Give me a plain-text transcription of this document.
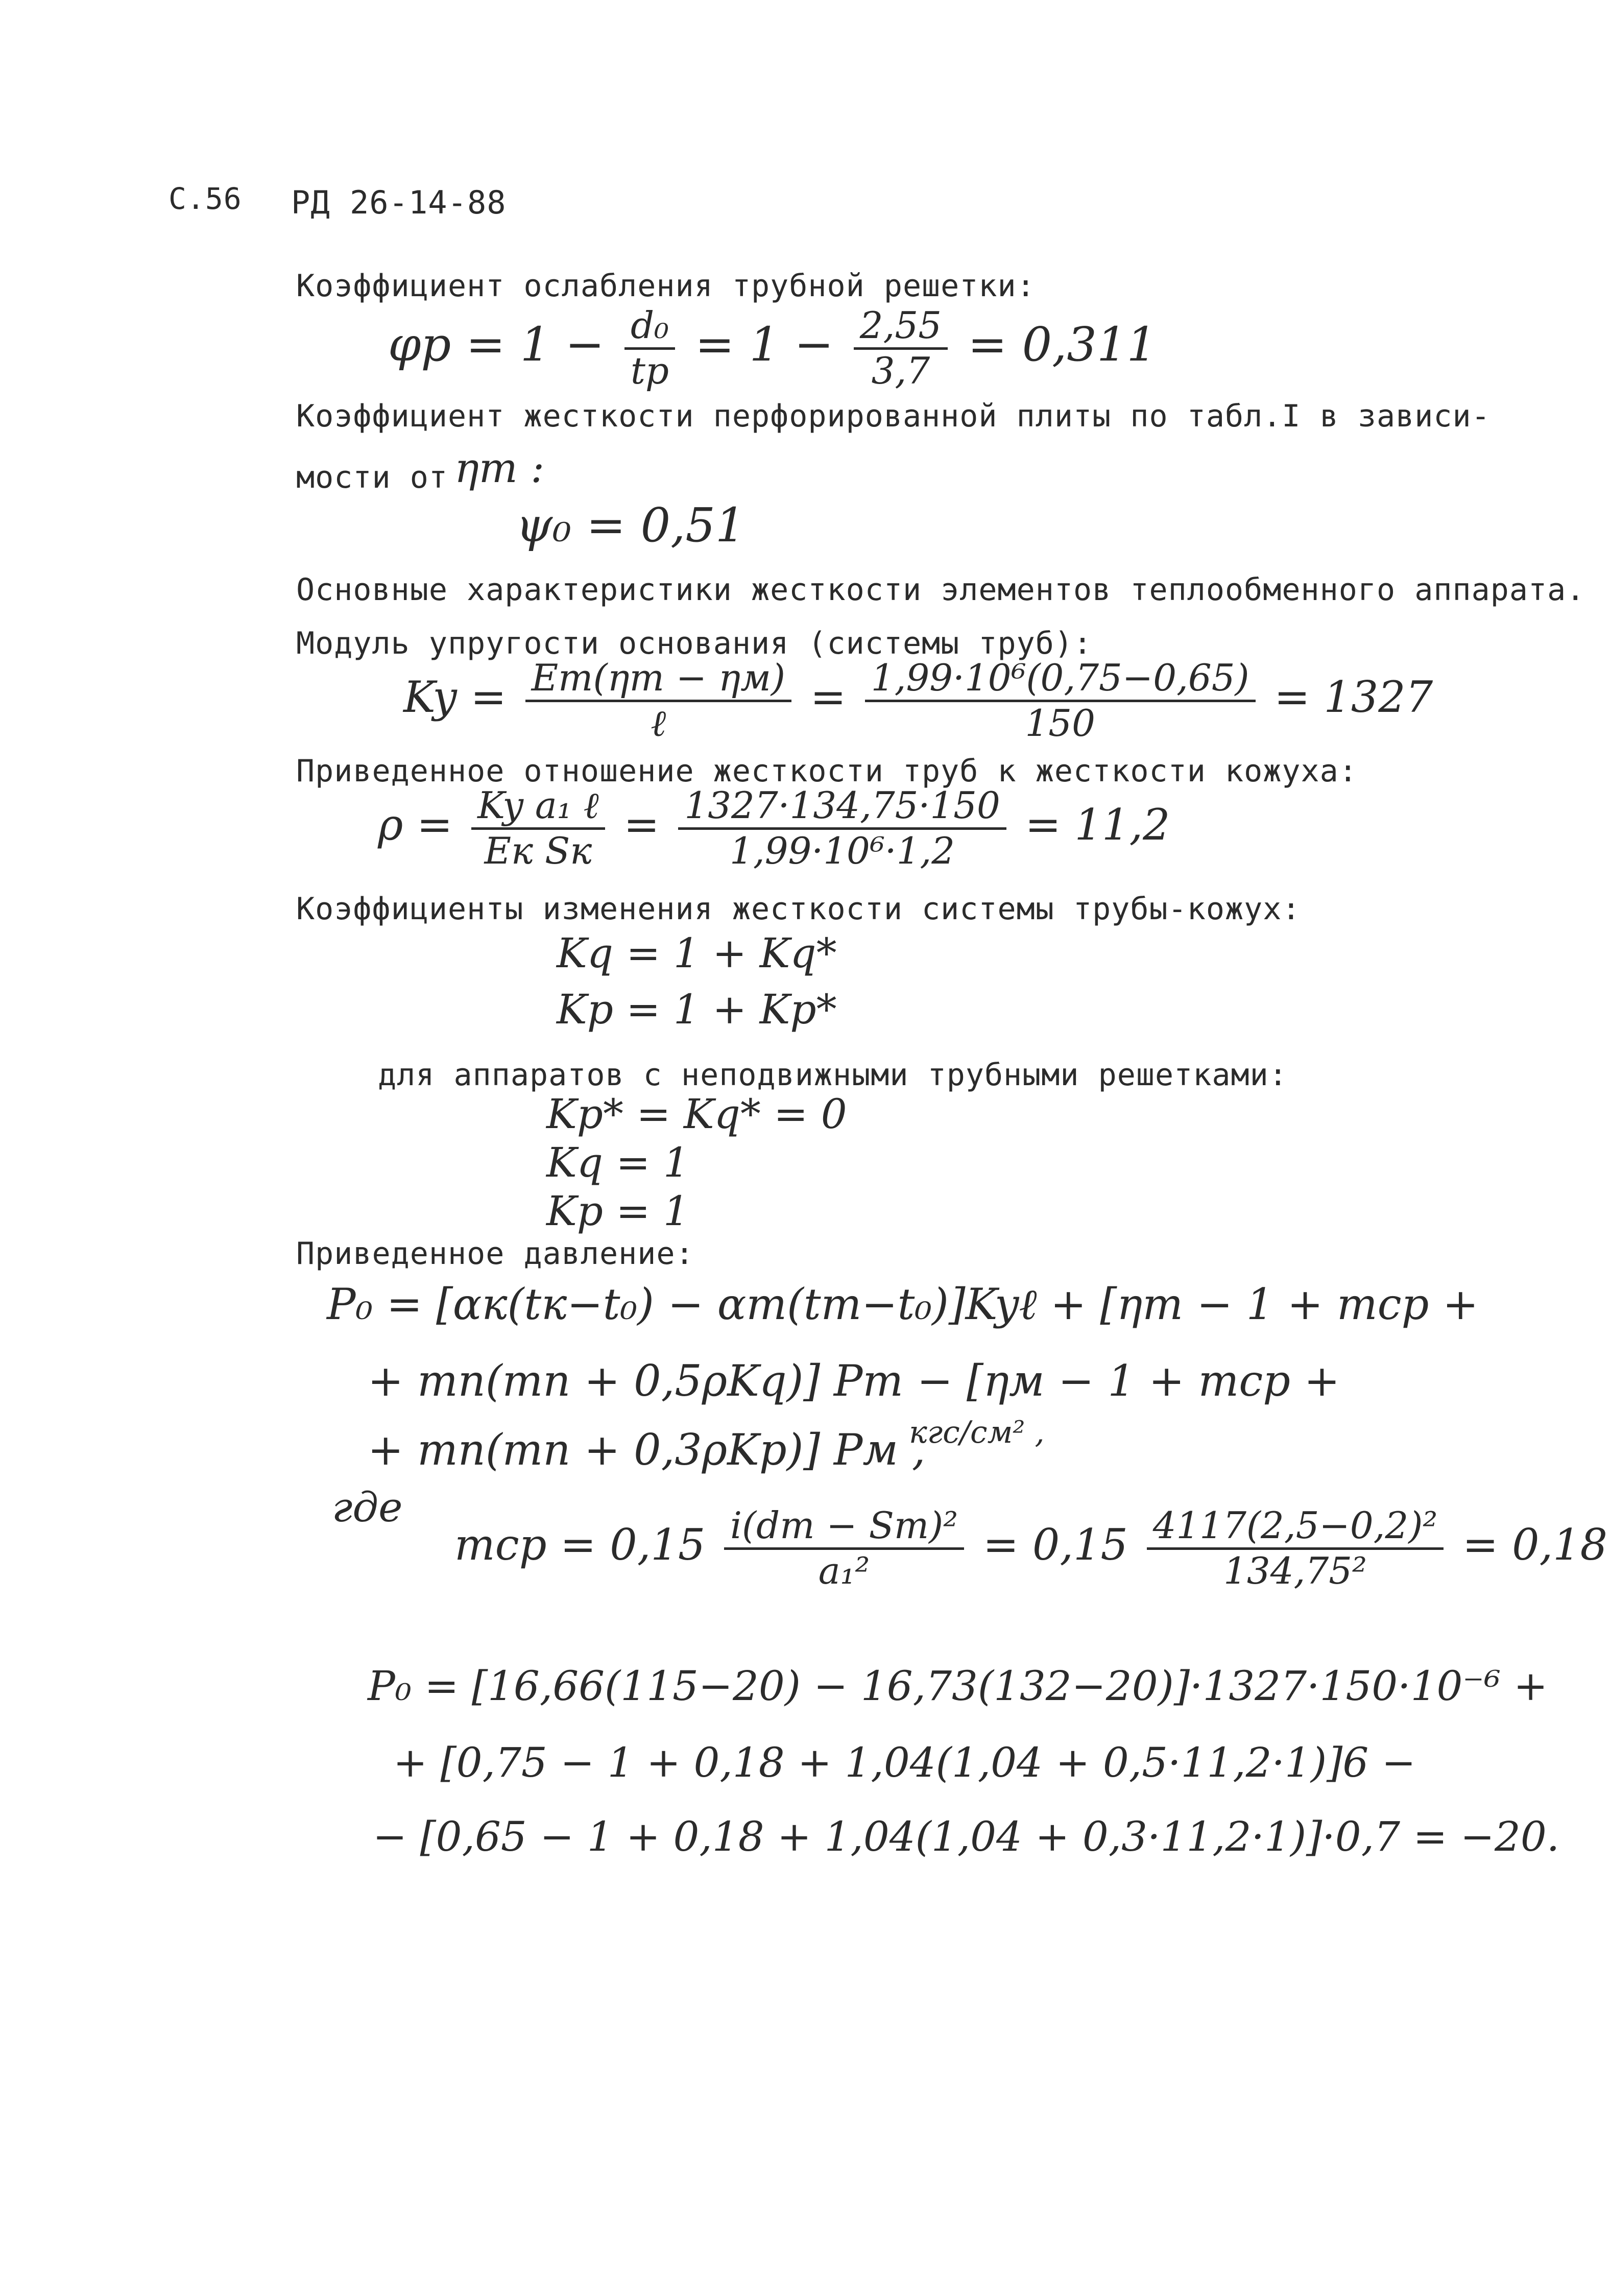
С.56 РД 26-14-88
Коэффициент ослабления трубной решетки:
$\varphi p = 1 - \frac{\text{d₀}}{tp} = 1 - \frac{2,55}{3,7} = 0,311$
Коэффициент жесткости перфорированной плиты по табл.I в зависи-
мости от ηт :
ψ₀ = 0,51
Основные характеристики жесткости элементов теплообменного аппарата.
Модуль упругости основания (системы труб):
$Ky = \frac{Eт(\eta т - \eta м)}{\text{ℓ}} = \frac{\text{1,99·10⁶(0,75−0,65)}}{150} = 1327$
Приведенное отношение жесткости труб к жесткости кожуха:
$\rho = \frac{\text{Ky a₁ ℓ}}{\text{Eк Sк}} = \frac{1327\cdot 134,75\cdot 150}{\text{1,99·10⁶·1,2}} = 11,2$
Коэффициенты изменения жесткости системы трубы-кожух:
Kq = 1 + Kq*
Kp = 1 + Kp*
для аппаратов с неподвижными трубными решетками:
Kp* = Kq* = 0
Kq = 1
Kp = 1
Приведенное давление:
P₀ = [αк(tк−t₀) − αт(tт−t₀)]Kyℓ + [ηт − 1 + mcp +
+ mn(mn + 0,5ρKq)] Pт − [ηм − 1 + mcp +
+ mn(mn + 0,3ρKp)] Pм ,
кгс/см² ,
где
mcp = $0,15 \frac{\text{i(dт − Sт)²}}{\text{a₁²}} = 0,15 \frac{\text{4117(2,5−0,2)²}}{\text{134,75²}} = 0,18$
P₀ = [16,66(115−20) − 16,73(132−20)]·1327·150·10⁻⁶ +
+ [0,75 − 1 + 0,18 + 1,04(1,04 + 0,5·11,2·1)]6 −
− [0,65 − 1 + 0,18 + 1,04(1,04 + 0,3·11,2·1)]·0,7 = −20.
